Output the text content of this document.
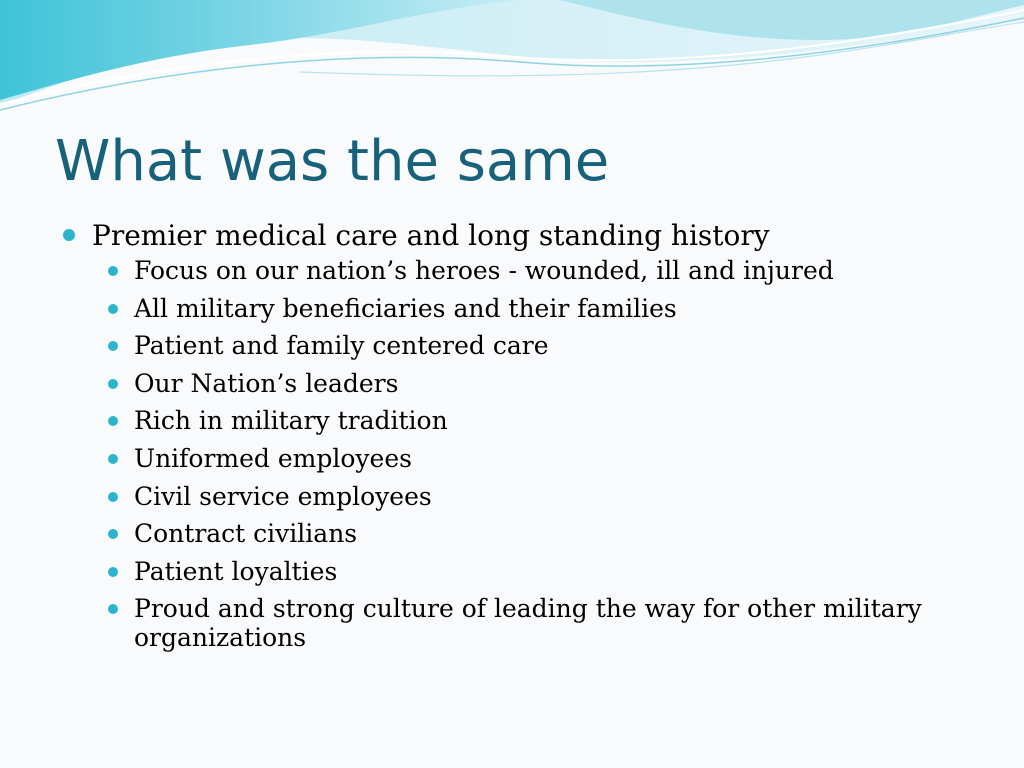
What was the same

Premier medical care and long standing history

Focus on our nation’s heroes - wounded, ill and injured
All military beneficiaries and their families
Patient and family centered care
Our Nation’s leaders
Rich in military tradition
Uniformed employees
Civil service employees
Contract civilians
Patient loyalties
Proud and strong culture of leading the way for other military organizations
